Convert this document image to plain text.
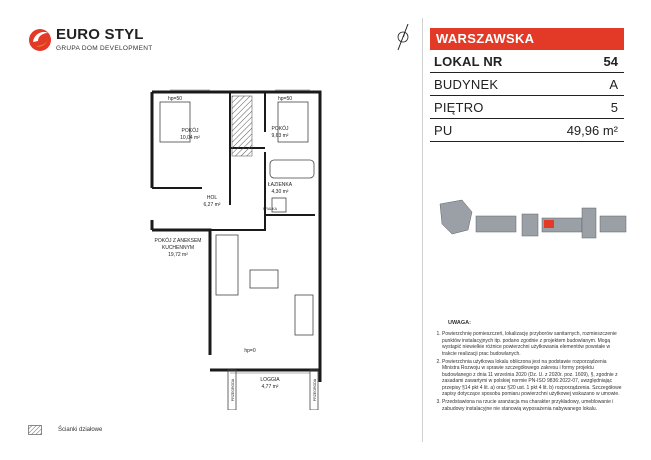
EURO STYL
GRUPA DOM DEVELOPMENT
POKÓJ
10,04 m²
POKÓJ
9,63 m²
ŁAZIENKA
4,30 m²
HOL
6,27 m²
POKÓJ Z ANEKSEM
KUCHENNYM
19,72 m²
LOGGIA
4,77 m²
hp=50	hp=50
hp=0
PRALKA
PRZEGRODA	PRZEGRODA
WARSZAWSKA
LOKAL NR	54
BUDYNEK	A
PIĘTRO	5
PU	49,96 m²
UWAGA:
1. Powierzchnię pomieszczeń, lokalizację przyborów sanitarnych, rozmieszczenie punktów instalacyjnych itp. podano zgodnie z projektem budowlanym. Mogą wystąpić niewielkie różnice powierzchni użytkowania elementów powstałe w trakcie realizacji prac budowlanych.
2. Powierzchnia użytkowa lokalu obliczona jest na podstawie rozporządzenia Ministra Rozwoju w sprawie szczegółowego zakresu i formy projektu budowlanego z dnia 11 września 2020 (Dz. U. z 2020r. poz. 1609), §, zgodnie z zasadami zawartymi w polskiej normie PN-ISO 9836:2022-07, uwzględniając przepisy §14 pkt 4 lit. a) oraz §20 ust. 1 pkt 4 lit. b) rozporządzenia. Szczegółowe zapisy dotyczące sposobu pomiaru powierzchni użytkowej wskazano w umowie.
3. Przedstawiona na rzucie aranżacja ma charakter przykładowy, umeblowanie i zabudowy instalacyjne nie stanowią wyposażenia nabywanego lokalu.
Ścianki działowe
